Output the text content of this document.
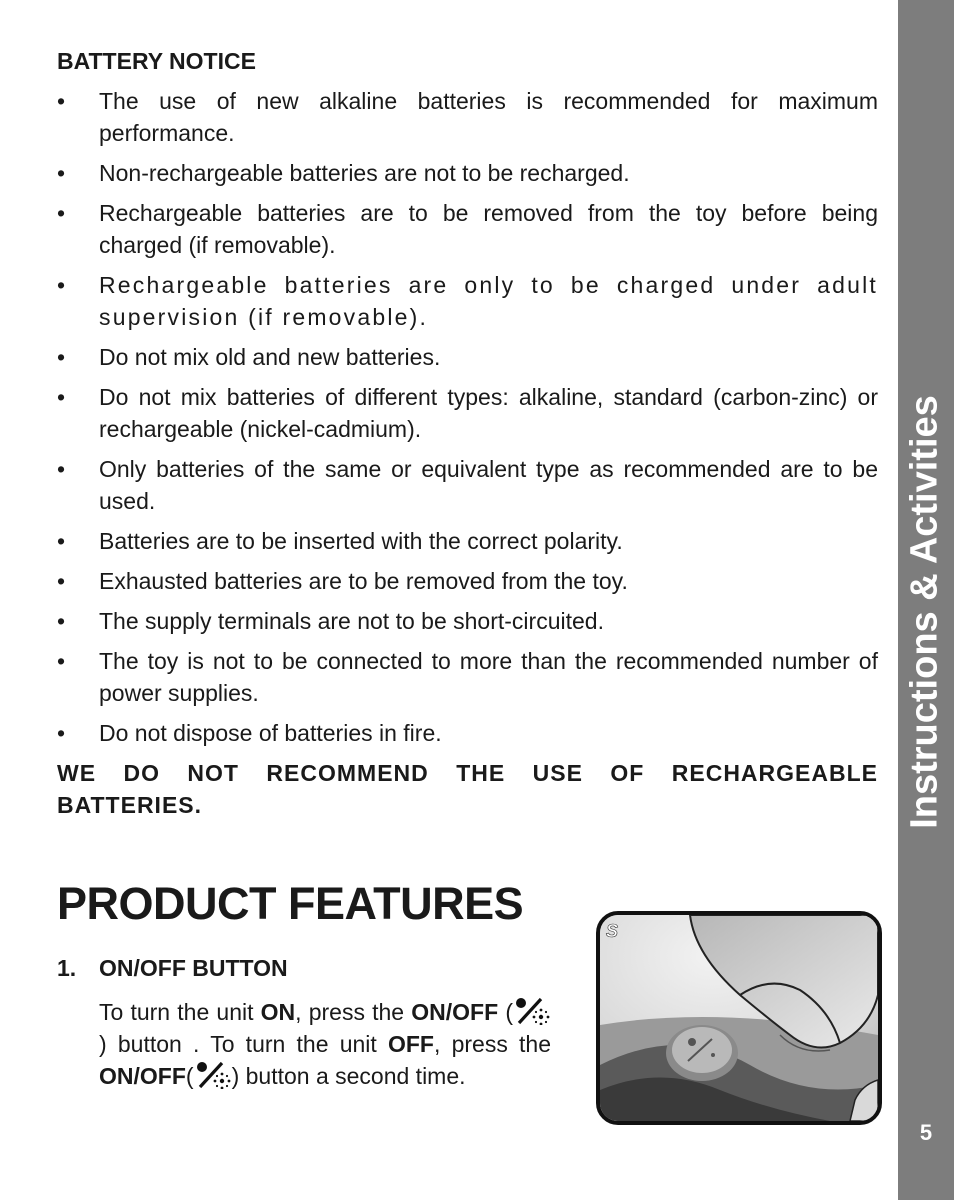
BATTERY NOTICE
• The use of new alkaline batteries is recommended for maximum performance.
• Non-rechargeable batteries are not to be recharged.
• Rechargeable batteries are to be removed from the toy before being charged (if removable).
• Rechargeable batteries are only to be charged under adult supervision (if removable).
• Do not mix old and new batteries.
• Do not mix batteries of different types: alkaline, standard (carbon-zinc) or rechargeable (nickel-cadmium).
• Only batteries of the same or equivalent type as recommended are to be used.
• Batteries are to be inserted with the correct polarity.
• Exhausted batteries are to be removed from the toy.
• The supply terminals are not to be short-circuited.
• The toy is not to be connected to more than the recommended number of power supplies.
• Do not dispose of batteries in fire.
WE DO NOT RECOMMEND THE USE OF RECHARGEABLE BATTERIES.
PRODUCT FEATURES
1. ON/OFF BUTTON
To turn the unit ON, press the ON/OFF () button . To turn the unit OFF, press the ON/OFF( ) button a second time.
S
Instructions & Activities
5
